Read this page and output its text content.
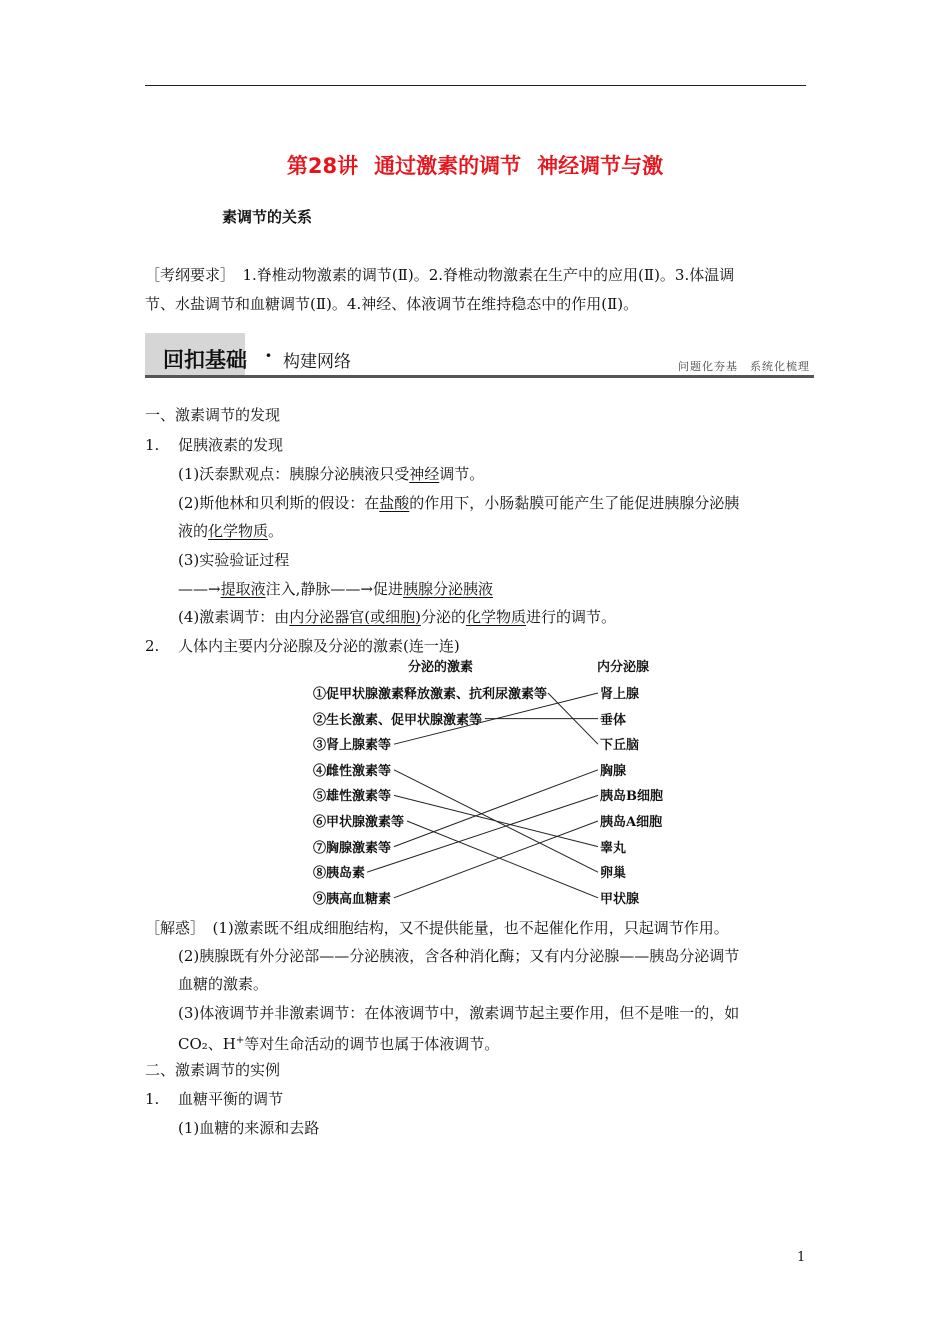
第28讲 通过激素的调节 神经调节与激
素调节的关系
［考纲要求］　1.脊椎动物激素的调节(Ⅱ)。2.脊椎动物激素在生产中的应用(Ⅱ)。3.体温调
节、水盐调节和血糖调节(Ⅱ)。4.神经、体液调节在维持稳态中的作用(Ⅱ)。
回扣基础 · 构建网络	问题化夯基　系统化梳理
一、激素调节的发现
1. 促胰液素的发现
(1)沃泰默观点：胰腺分泌胰液只受神经调节。
(2)斯他林和贝利斯的假设：在盐酸的作用下，小肠黏膜可能产生了能促进胰腺分泌胰
液的化学物质。
(3)实验验证过程
——→提取液注入,静脉——→促进胰腺分泌胰液
(4)激素调节：由内分泌器官(或细胞)分泌的化学物质进行的调节。
2. 人体内主要内分泌腺及分泌的激素(连一连)
分泌的激素	内分泌腺
①促甲状腺激素释放激素、抗利尿激素等
②生长激素、促甲状腺激素等
③肾上腺素等
④雌性激素等
⑤雄性激素等
⑥甲状腺激素等
⑦胸腺激素等
⑧胰岛素
⑨胰高血糖素
肾上腺
垂体
下丘脑
胸腺
胰岛B细胞
胰岛A细胞
睾丸
卵巢
甲状腺
［解惑］　(1)激素既不组成细胞结构，又不提供能量，也不起催化作用，只起调节作用。
(2)胰腺既有外分泌部——分泌胰液，含各种消化酶；又有内分泌腺——胰岛分泌调节
血糖的激素。
(3)体液调节并非激素调节：在体液调节中，激素调节起主要作用，但不是唯一的，如
CO₂、H+等对生命活动的调节也属于体液调节。
二、激素调节的实例
1. 血糖平衡的调节
(1)血糖的来源和去路
1
